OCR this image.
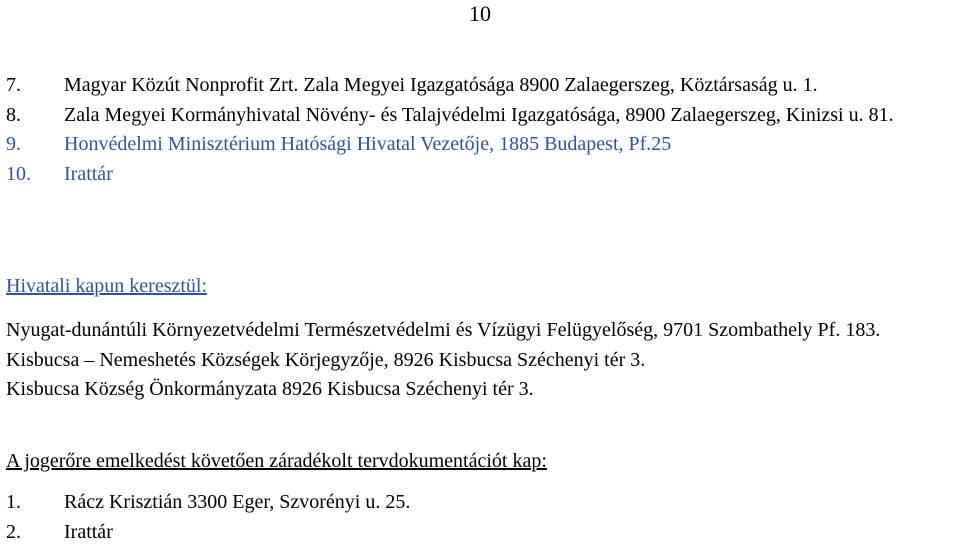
10
7. Magyar Közút Nonprofit Zrt. Zala Megyei Igazgatósága 8900 Zalaegerszeg, Köztársaság u. 1.
8. Zala Megyei Kormányhivatal Növény- és Talajvédelmi Igazgatósága, 8900 Zalaegerszeg, Kinizsi u. 81.
9. Honvédelmi Minisztérium Hatósági Hivatal Vezetője, 1885 Budapest, Pf.25
10. Irattár
Hivatali kapun keresztül:
Nyugat-dunántúli Környezetvédelmi Természetvédelmi és Vízügyi Felügyelőség, 9701 Szombathely Pf. 183.
Kisbucsa – Nemeshetés Községek Körjegyzője, 8926 Kisbucsa Széchenyi tér 3.
Kisbucsa Község Önkormányzata 8926 Kisbucsa Széchenyi tér 3.
A jogerőre emelkedést követően záradékolt tervdokumentációt kap:
1. Rácz Krisztián 3300 Eger, Szvorényi u. 25.
2. Irattár
